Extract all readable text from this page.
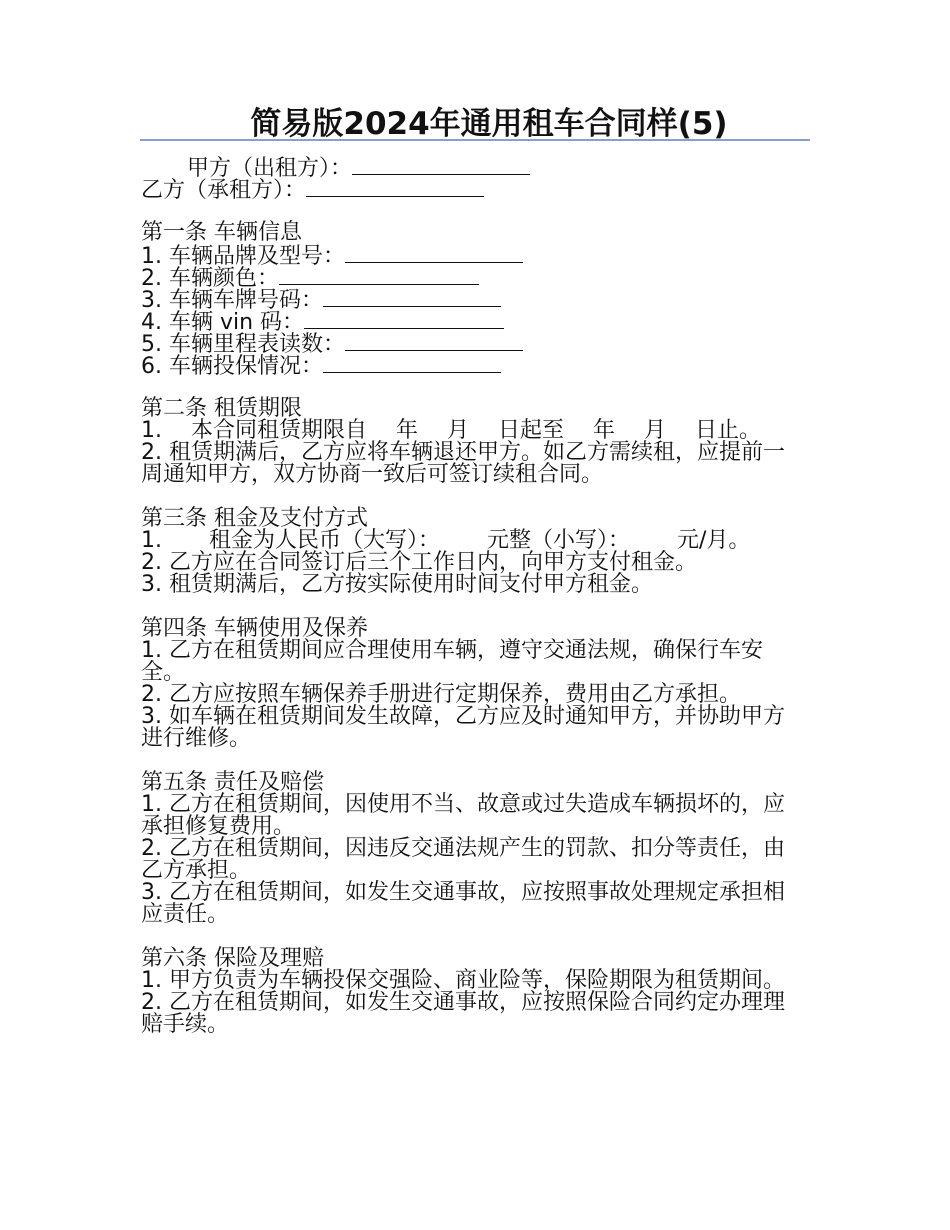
简易版2024年通用租车合同样(5)
甲方（出租方）：
乙方（承租方）：
第一条 车辆信息
1. 车辆品牌及型号：
2. 车辆颜色：
3. 车辆车牌号码：
4. 车辆 vin 码：
5. 车辆里程表读数：
6. 车辆投保情况：
第二条 租赁期限
1. 本合同租赁期限自 年 月 日起至 年 月 日止。
2. 租赁期满后，乙方应将车辆退还甲方。如乙方需续租，应提前一周通知甲方，双方协商一致后可签订续租合同。
第三条 租金及支付方式
1. 租金为人民币（大写）： 元整（小写）： 元/月。
2. 乙方应在合同签订后三个工作日内，向甲方支付租金。
3. 租赁期满后，乙方按实际使用时间支付甲方租金。
第四条 车辆使用及保养
1. 乙方在租赁期间应合理使用车辆，遵守交通法规，确保行车安全。
2. 乙方应按照车辆保养手册进行定期保养，费用由乙方承担。
3. 如车辆在租赁期间发生故障，乙方应及时通知甲方，并协助甲方进行维修。
第五条 责任及赔偿
1. 乙方在租赁期间，因使用不当、故意或过失造成车辆损坏的，应承担修复费用。
2. 乙方在租赁期间，因违反交通法规产生的罚款、扣分等责任，由乙方承担。
3. 乙方在租赁期间，如发生交通事故，应按照事故处理规定承担相应责任。
第六条 保险及理赔
1. 甲方负责为车辆投保交强险、商业险等，保险期限为租赁期间。
2. 乙方在租赁期间，如发生交通事故，应按照保险合同约定办理理赔手续。
